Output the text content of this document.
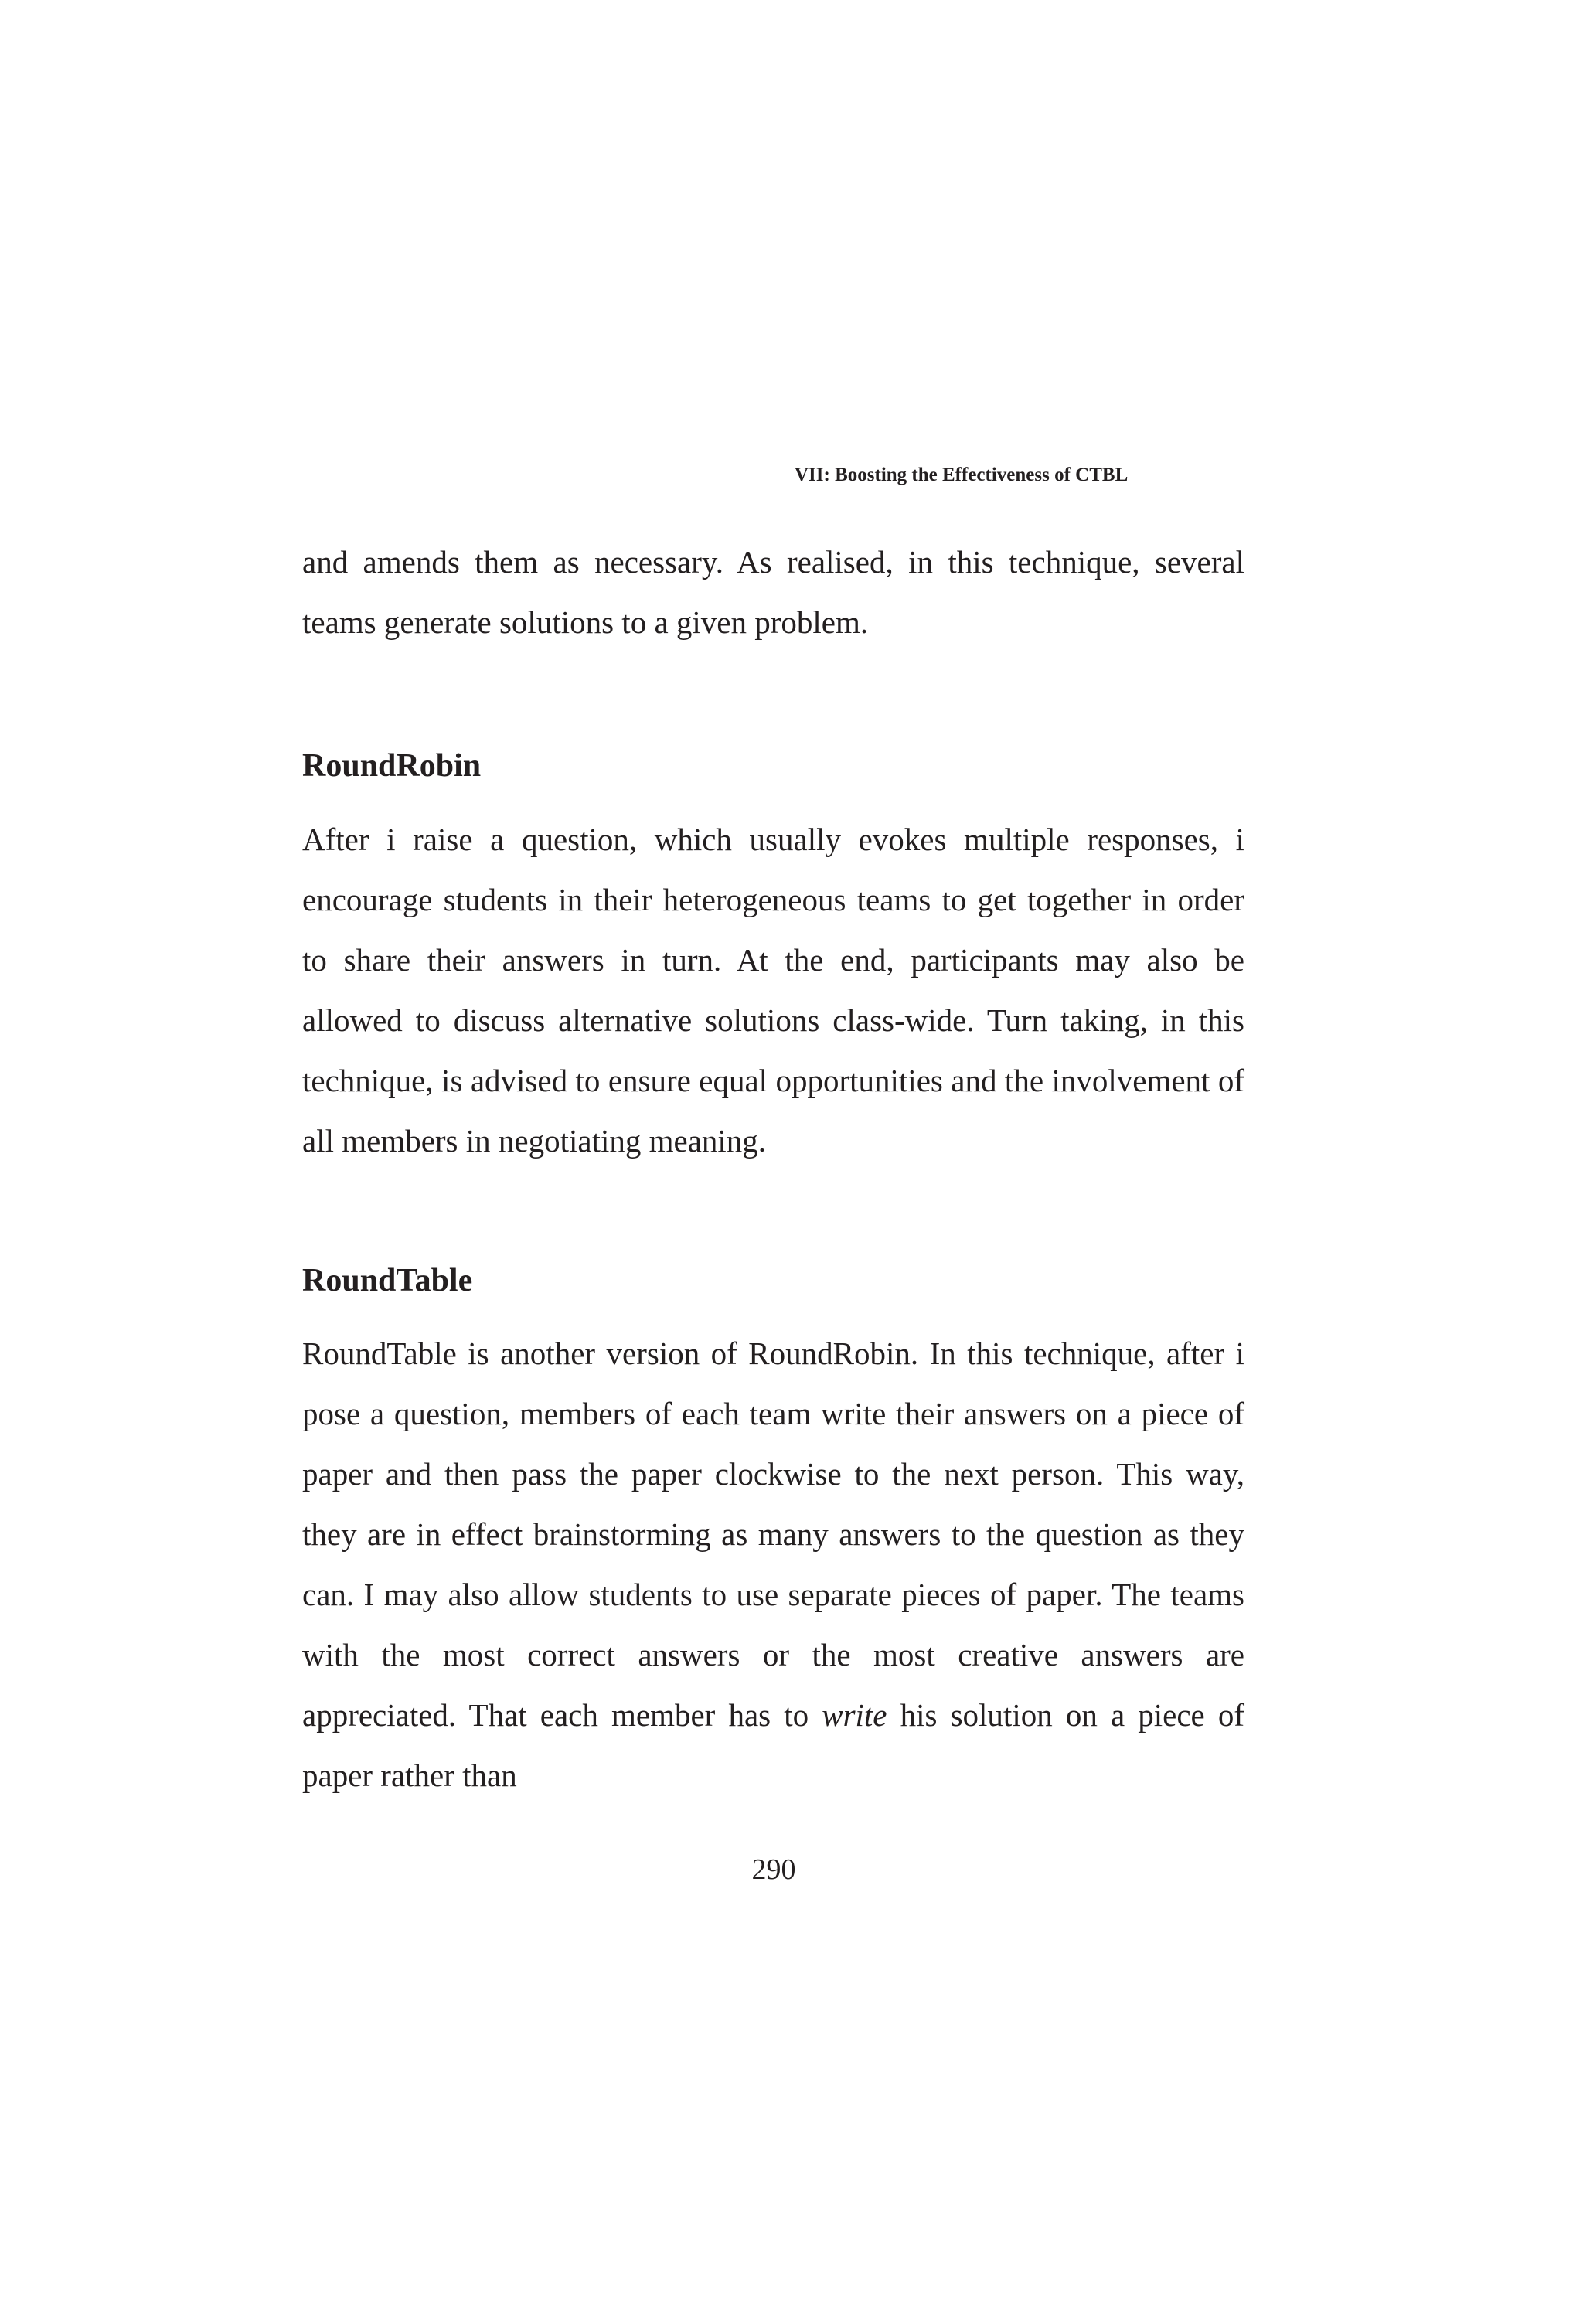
VII: Boosting the Effectiveness of CTBL

and amends them as necessary. As realised, in this technique, several teams generate solutions to a given problem.

RoundRobin

After i raise a question, which usually evokes multiple responses, i encourage students in their heterogeneous teams to get together in order to share their answers in turn. At the end, participants may also be allowed to discuss alternative solutions class-wide. Turn taking, in this technique, is advised to ensure equal opportunities and the involvement of all members in negotiating meaning.

RoundTable

RoundTable is another version of RoundRobin. In this technique, after i pose a question, members of each team write their answers on a piece of paper and then pass the paper clockwise to the next person. This way, they are in effect brainstorming as many answers to the question as they can. I may also allow students to use separate pieces of paper. The teams with the most correct answers or the most creative answers are appreciated. That each member has to write his solution on a piece of paper rather than

290
